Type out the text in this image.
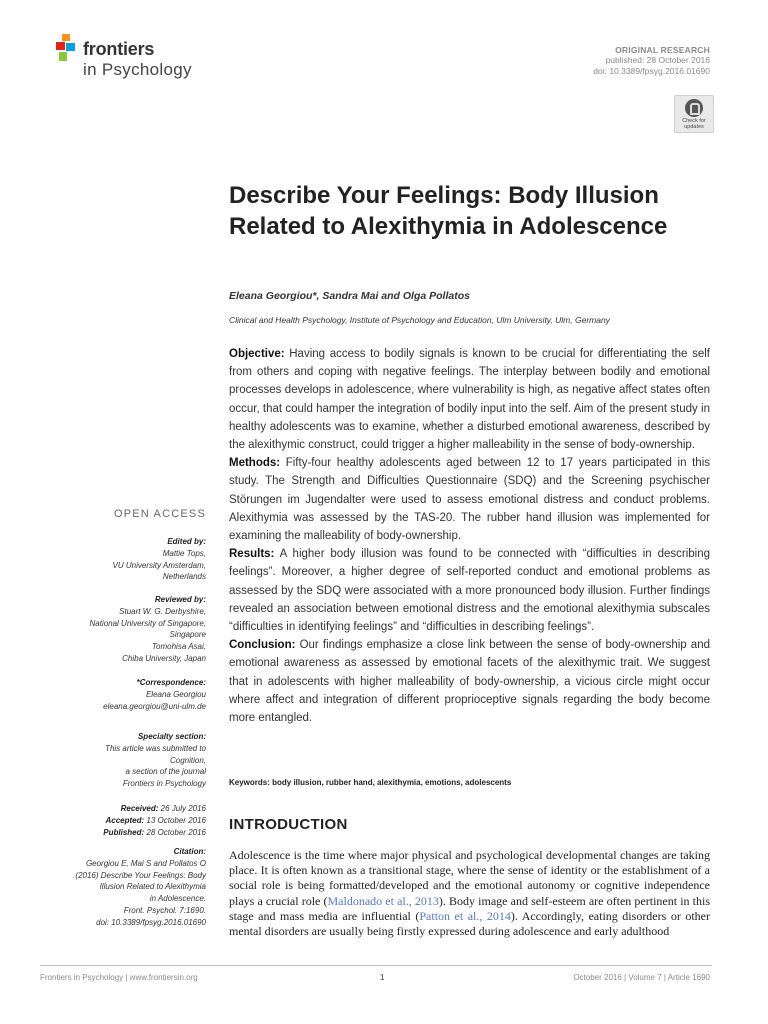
frontiers
in Psychology
ORIGINAL RESEARCH
published: 28 October 2016
doi: 10.3389/fpsyg.2016.01690
Check for
updates
Describe Your Feelings: Body Illusion Related to Alexithymia in Adolescence
Eleana Georgiou*, Sandra Mai and Olga Pollatos
Clinical and Health Psychology, Institute of Psychology and Education, Ulm University, Ulm, Germany

Objective: Having access to bodily signals is known to be crucial for differentiating the self from others and coping with negative feelings. The interplay between bodily and emotional processes develops in adolescence, where vulnerability is high, as negative affect states often occur, that could hamper the integration of bodily input into the self. Aim of the present study in healthy adolescents was to examine, whether a disturbed emotional awareness, described by the alexithymic construct, could trigger a higher malleability in the sense of body-ownership.

Methods: Fifty-four healthy adolescents aged between 12 to 17 years participated in this study. The Strength and Difficulties Questionnaire (SDQ) and the Screening psychischer Störungen im Jugendalter were used to assess emotional distress and conduct problems. Alexithymia was assessed by the TAS-20. The rubber hand illusion was implemented for examining the malleability of body-ownership.

Results: A higher body illusion was found to be connected with “difficulties in describing feelings”. Moreover, a higher degree of self-reported conduct and emotional problems as assessed by the SDQ were associated with a more pronounced body illusion. Further findings revealed an association between emotional distress and the emotional alexithymia subscales “difficulties in identifying feelings” and “difficulties in describing feelings”.

Conclusion: Our findings emphasize a close link between the sense of body-ownership and emotional awareness as assessed by emotional facets of the alexithymic trait. We suggest that in adolescents with higher malleability of body-ownership, a vicious circle might occur where affect and integration of different proprioceptive signals regarding the body become more entangled.

Keywords: body illusion, rubber hand, alexithymia, emotions, adolescents
INTRODUCTION
Adolescence is the time where major physical and psychological developmental changes are taking place. It is often known as a transitional stage, where the sense of identity or the establishment of a social role is being formatted/developed and the emotional autonomy or cognitive independence plays a crucial role (Maldonado et al., 2013). Body image and self-esteem are often pertinent in this stage and mass media are influential (Patton et al., 2014). Accordingly, eating disorders or other mental disorders are usually being firstly expressed during adolescence and early adulthood
OPEN ACCESS
Edited by:
Mattie Tops,
VU University Amsterdam,
Netherlands
Reviewed by:
Stuart W. G. Derbyshire,
National University of Singapore,
Singapore
Tomohisa Asai,
Chiba University, Japan
*Correspondence:
Eleana Georgiou
eleana.georgiou@uni-ulm.de
Specialty section:
This article was submitted to
Cognition,
a section of the journal
Frontiers in Psychology
Received: 26 July 2016
Accepted: 13 October 2016
Published: 28 October 2016
Citation:
Georgiou E, Mai S and Pollatos O
(2016) Describe Your Feelings: Body
Illusion Related to Alexithymia
in Adolescence.
Front. Psychol. 7:1690.
doi: 10.3389/fpsyg.2016.01690
Frontiers in Psychology | www.frontiersin.org	1	October 2016 | Volume 7 | Article 1690
